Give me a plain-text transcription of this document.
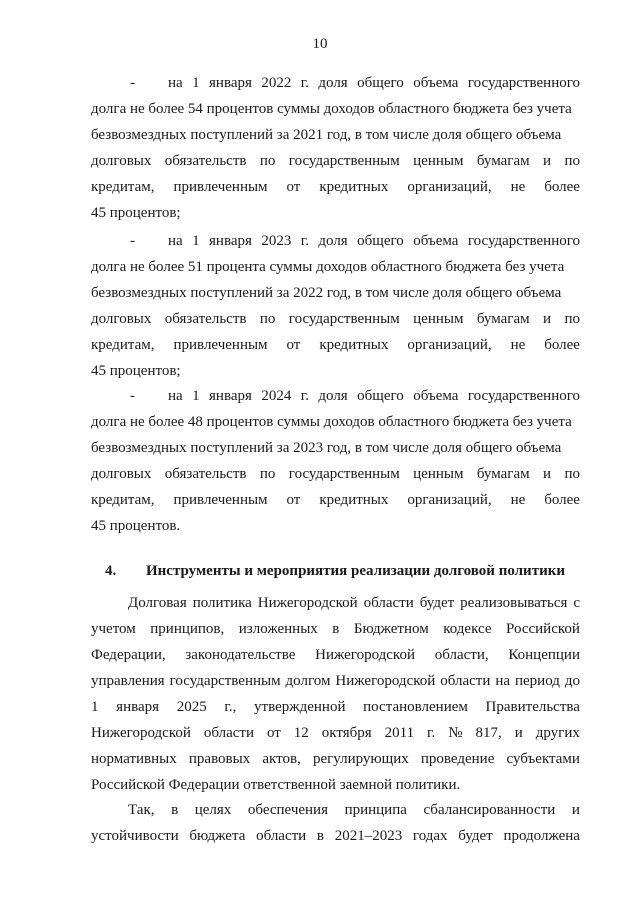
10
- на 1 января 2022 г. доля общего объема государственного
долга не более 54 процентов суммы доходов областного бюджета без учета
безвозмездных поступлений за 2021 год, в том числе доля общего объема
долговых обязательств по государственным ценным бумагам и по
кредитам, привлеченным от кредитных организаций, не более
45 процентов;
- на 1 января 2023 г. доля общего объема государственного
долга не более 51 процента суммы доходов областного бюджета без учета
безвозмездных поступлений за 2022 год, в том числе доля общего объема
долговых обязательств по государственным ценным бумагам и по
кредитам, привлеченным от кредитных организаций, не более
45 процентов;
- на 1 января 2024 г. доля общего объема государственного
долга не более 48 процентов суммы доходов областного бюджета без учета
безвозмездных поступлений за 2023 год, в том числе доля общего объема
долговых обязательств по государственным ценным бумагам и по
кредитам, привлеченным от кредитных организаций, не более
45 процентов.
Долговая политика Нижегородской области будет реализовываться с
учетом принципов, изложенных в Бюджетном кодексе Российской
Федерации, законодательстве Нижегородской области, Концепции
управления государственным долгом Нижегородской области на период до
1 января 2025 г., утвержденной постановлением Правительства
Нижегородской области от 12 октября 2011 г. № 817, и других
нормативных правовых актов, регулирующих проведение субъектами
Российской Федерации ответственной заемной политики.
Так, в целях обеспечения принципа сбалансированности и
устойчивости бюджета области в 2021–2023 годах будет продолжена
4. Инструменты и мероприятия реализации долговой политики
